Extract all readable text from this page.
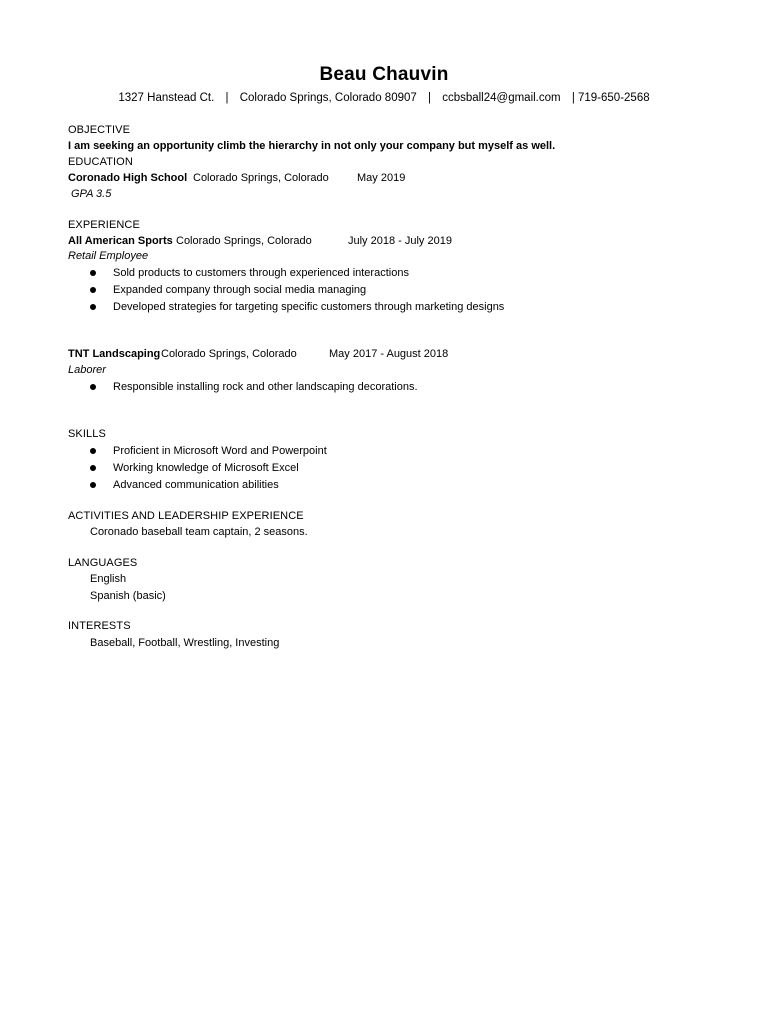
Beau Chauvin
1327 Hanstead Ct. | Colorado Springs, Colorado 80907 | ccbsball24@gmail.com | 719-650-2568
OBJECTIVE
I am seeking an opportunity climb the hierarchy in not only your company but myself as well.
EDUCATION
Coronado High School Colorado Springs, Colorado	May 2019
GPA 3.5
EXPERIENCE
All American Sports Colorado Springs, Colorado	July 2018 - July 2019
Retail Employee
Sold products to customers through experienced interactions
Expanded company through social media managing
Developed strategies for targeting specific customers through marketing designs
TNT Landscaping Colorado Springs, Colorado	May 2017 - August 2018
Laborer
Responsible installing rock and other landscaping decorations.
SKILLS
Proficient in Microsoft Word and Powerpoint
Working knowledge of Microsoft Excel
Advanced communication abilities
ACTIVITIES AND LEADERSHIP EXPERIENCE
Coronado baseball team captain, 2 seasons.
LANGUAGES
English
Spanish (basic)
INTERESTS
Baseball, Football, Wrestling, Investing
